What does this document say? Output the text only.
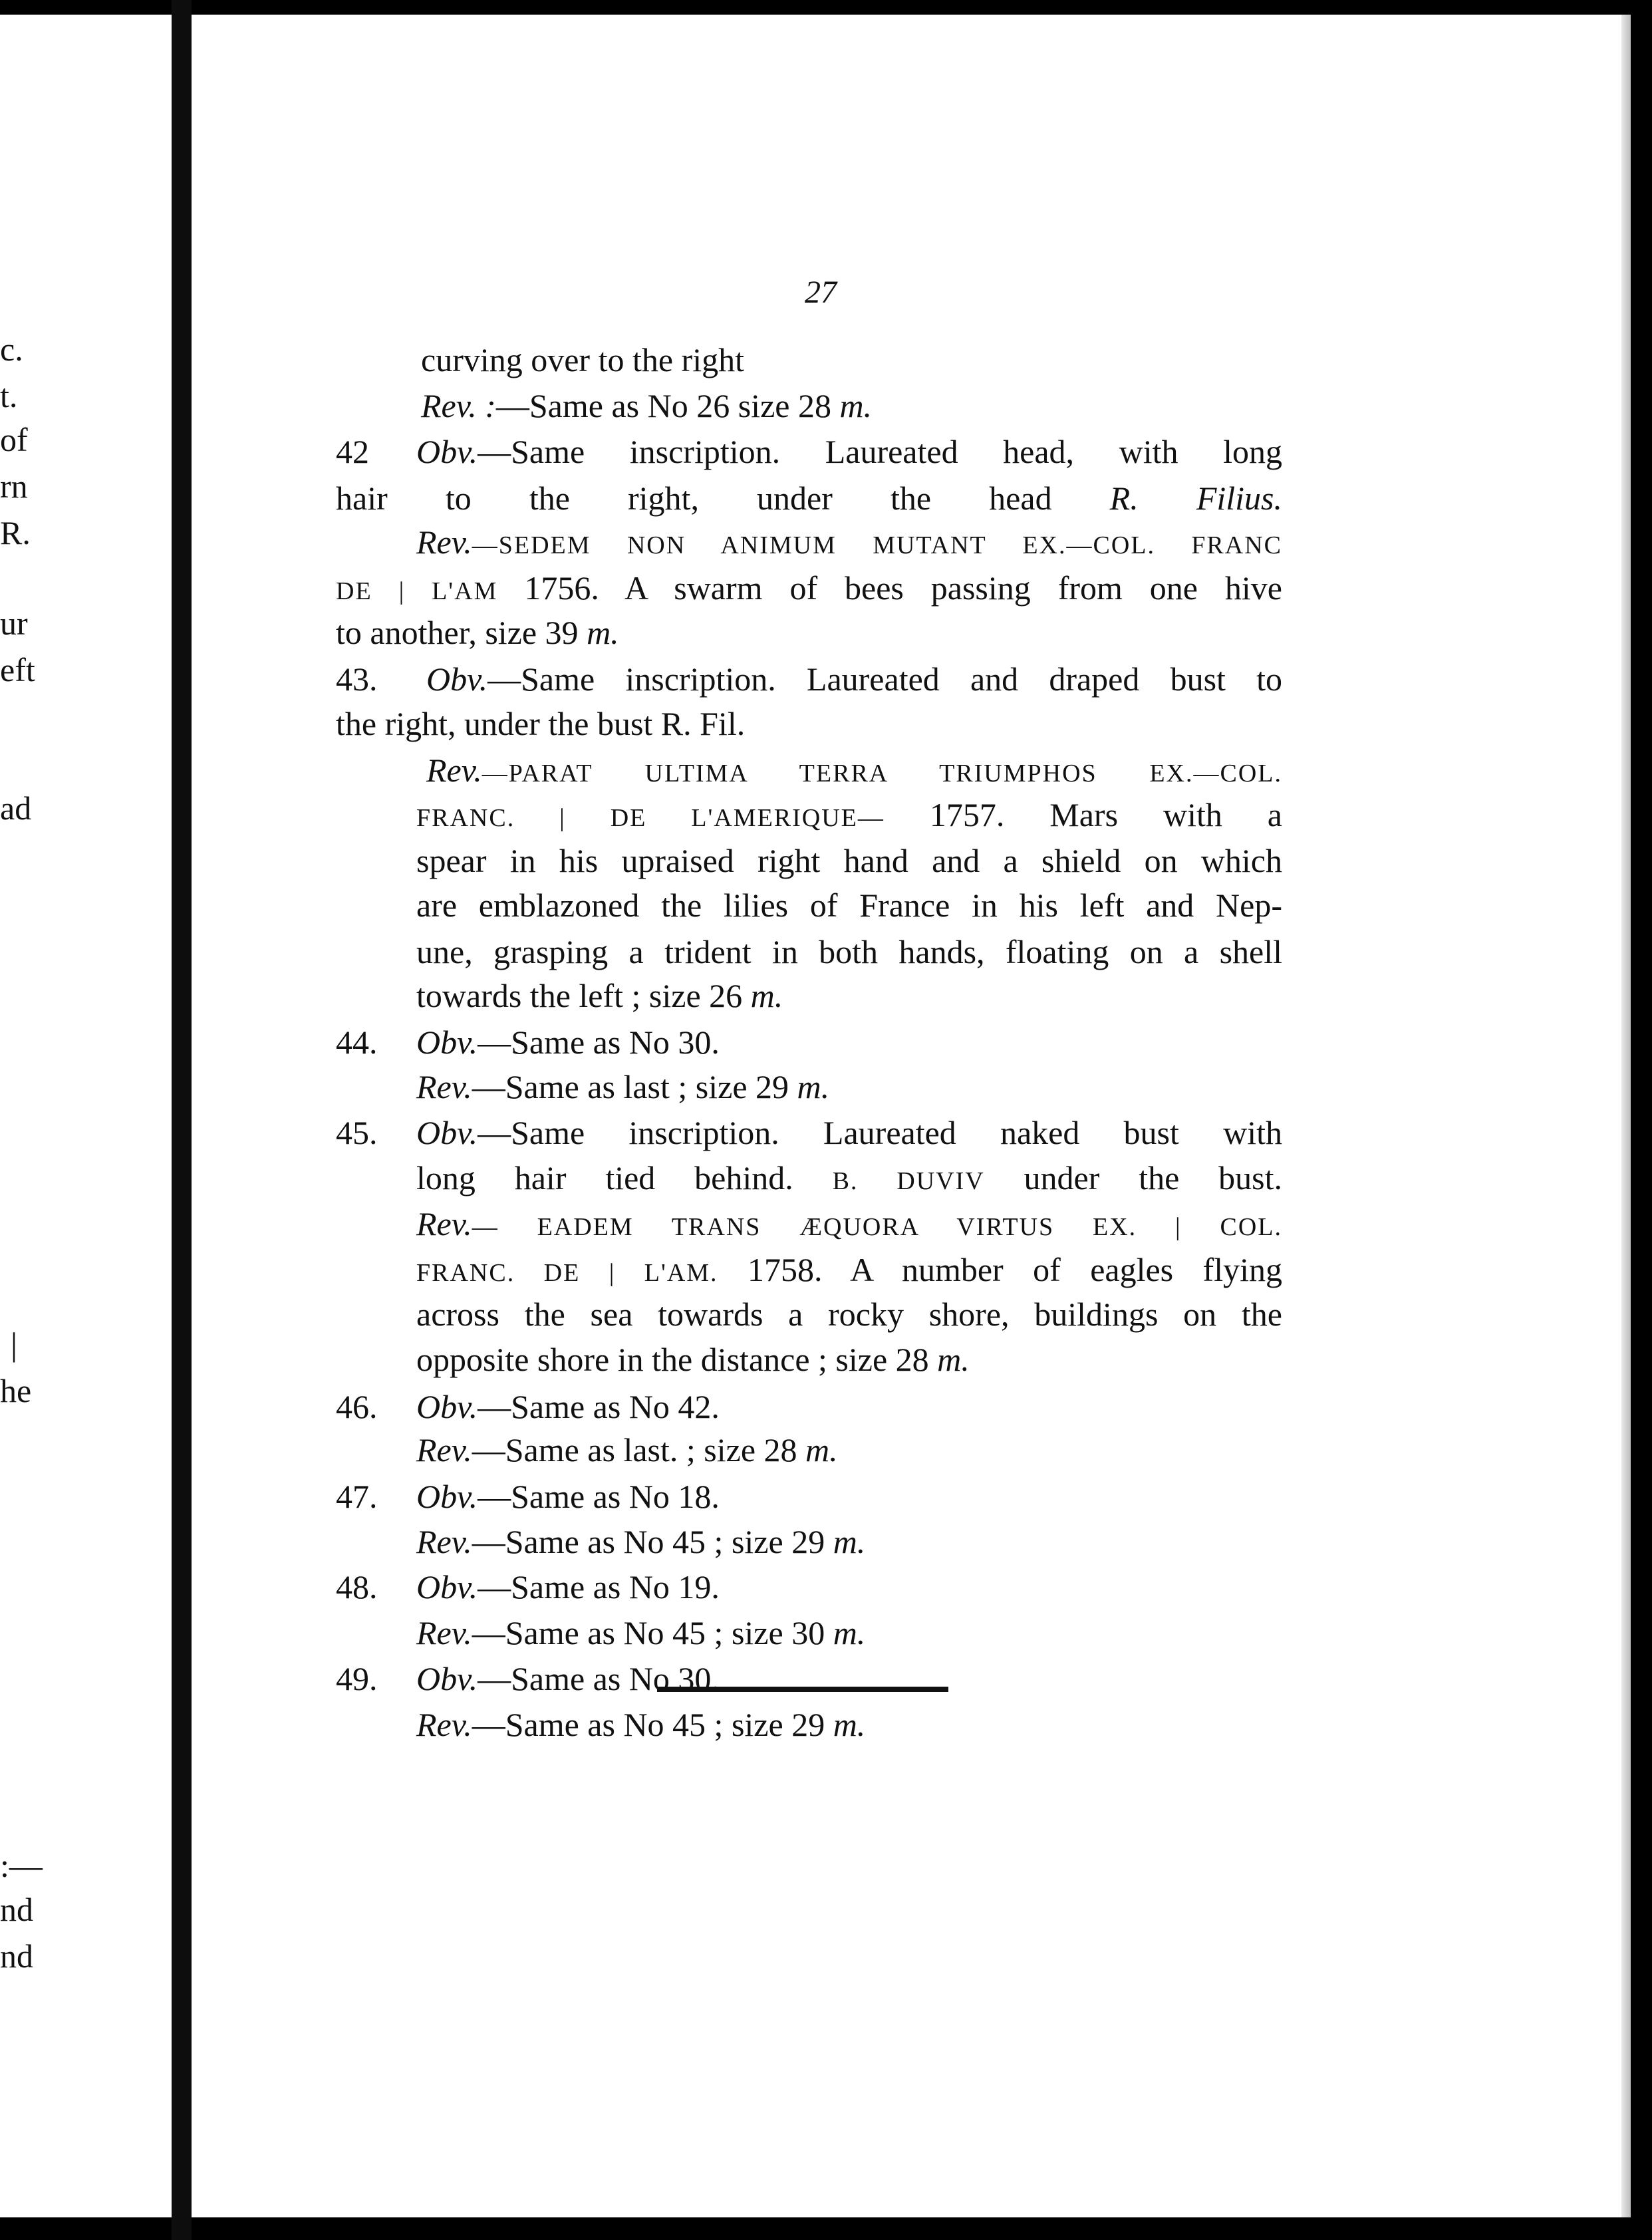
c.
t.
of
rn
R.
ur
eft
ad
|
he
:—
nd
nd
27
curving over to the right
Rev. :—Same as No 26 size 28 m.
Obv.—Same inscription. Laureated head, with long
hair to the right, under the head R. Filius.
Rev.—SEDEM NON ANIMUM MUTANT EX.—COL. FRANC
DE | L'AM 1756. A swarm of bees passing from one hive
to another, size 39 m.
Obv.—Same inscription. Laureated and draped bust to
the right, under the bust R. Fil.
Rev.—PARAT ULTIMA TERRA TRIUMPHOS EX.—COL.
FRANC. | DE L'AMERIQUE— 1757. Mars with a
spear in his upraised right hand and a shield on which
are emblazoned the lilies of France in his left and Nep-
une, grasping a trident in both hands, floating on a shell
towards the left ; size 26 m.
Obv.—Same as No 30.
Rev.—Same as last ; size 29 m.
Obv.—Same inscription. Laureated naked bust with
long hair tied behind. B. DUVIV under the bust.
Rev.— EADEM TRANS ÆQUORA VIRTUS EX. | COL.
FRANC. DE | L'AM. 1758. A number of eagles flying
across the sea towards a rocky shore, buildings on the
opposite shore in the distance ; size 28 m.
Obv.—Same as No 42.
Rev.—Same as last. ; size 28 m.
Obv.—Same as No 18.
Rev.—Same as No 45 ; size 29 m.
Obv.—Same as No 19.
Rev.—Same as No 45 ; size 30 m.
Obv.—Same as No 30.
Rev.—Same as No 45 ; size 29 m.
42
43.
44.
45.
46.
47.
48.
49.
